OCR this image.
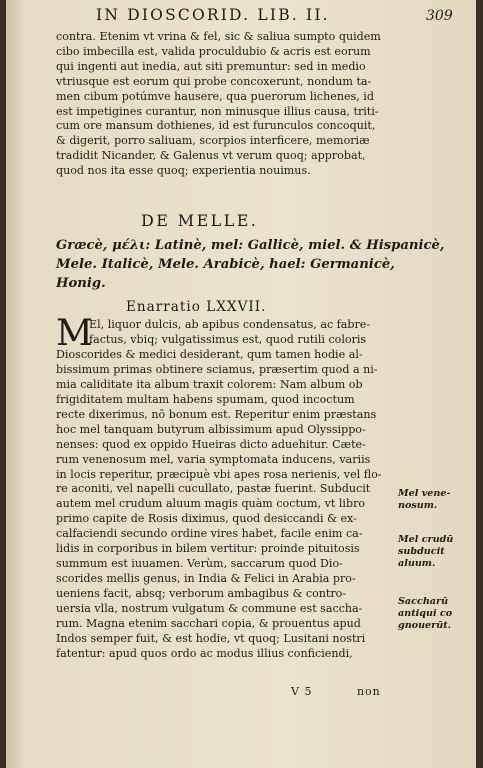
IN DIOSCORID. LIB. II.	309
contra. Etenim vt vrina & fel, sic & saliua sumpto quidem
cibo imbecilla est, valida proculdubio & acris est eorum
qui ingenti aut inedia, aut siti premuntur: sed in medio
vtriusque est eorum qui probe concoxerunt, nondum ta-
men cibum potúmve hausere, qua puerorum lichenes, id
est impetigines curantur, non minusque illius causa, triti-
cum ore mansum dothienes, id est furunculos concoquit,
& digerit, porro saliuam, scorpios interficere, memoriæ
tradidit Nicander, & Galenus vt verum quoq; approbat,
quod nos ita esse quoq; experientia nouimus.
DE MELLE.
Græcè, μέλι: Latinè, mel: Gallicè, miel. & Hispanicè,
Mele. Italicè, Mele. Arabicè, hael: Germanicè,
Honig.
Enarratio LXXVII.
M
El, liquor dulcis, ab apibus condensatus, ac fabre-
factus, vbiq; vulgatissimus est, quod rutili coloris
Dioscorides & medici desiderant, qum tamen hodie al-
bissimum primas obtinere sciamus, præsertim quod a ni-
mia caliditate ita album traxit colorem: Nam album ob
frigiditatem multam habens spumam, quod incoctum
recte dixerimus, nō bonum est. Reperitur enim præstans
hoc mel tanquam butyrum albissimum apud Olyssippo-
nenses: quod ex oppido Hueiras dicto aduehitur. Cæte-
rum venenosum mel, varia symptomata inducens, variis
in locis reperitur, præcipuè vbi apes rosa nerienis, vel flo-
re aconiti, vel napelli cucullato, pastæ fuerint. Subducit
autem mel crudum aluum magis quàm coctum, vt libro
primo capite de Rosis diximus, quod desiccandi & ex-
calfaciendi secundo ordine vires habet, facile enim ca-
lidis in corporibus in bilem vertitur: proinde pituitosis
summum est iuuamen. Verùm, saccarum quod Dio-
scorides mellis genus, in India & Felici in Arabia pro-
ueniens facit, absq; verborum ambagibus & contro-
uersia vlla, nostrum vulgatum & commune est saccha-
rum. Magna etenim sacchari copia, & prouentus apud
Indos semper fuit, & est hodie, vt quoq; Lusitani nostri
fatentur: apud quos ordo ac modus illius conficiendi,
Mel vene-
nosum.
Mel crudū
subducit
aluum.
Saccharū
antiqui co
gnouerūt.
V 5	non
